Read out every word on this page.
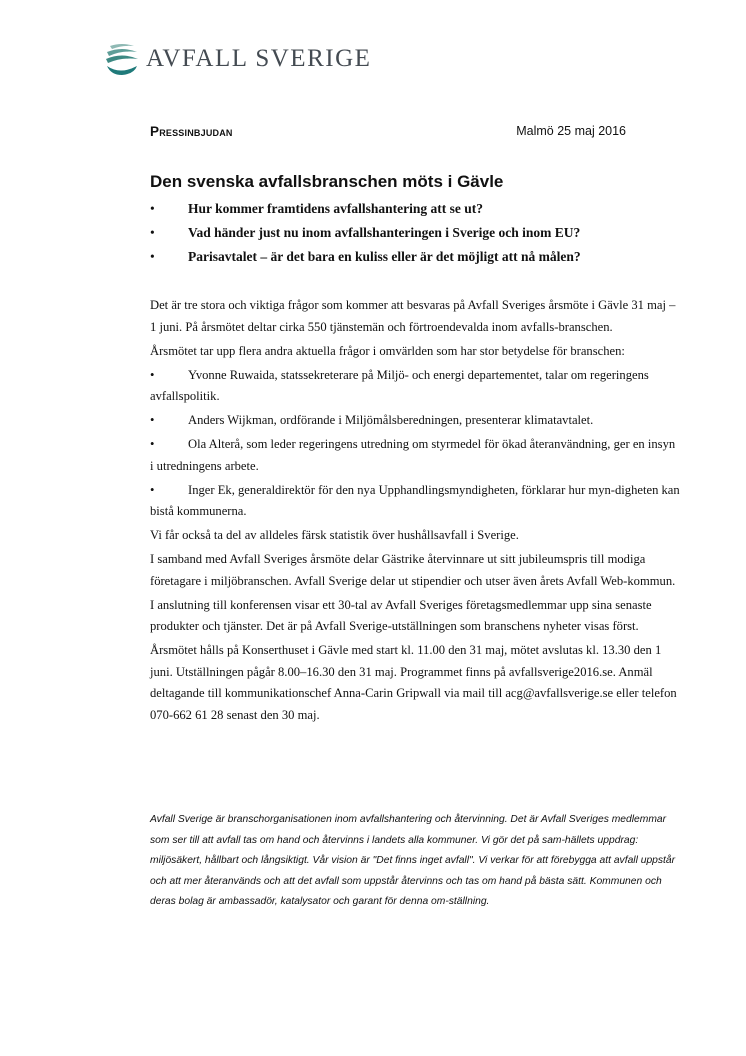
AVFALL SVERIGE
Pressinbjudan	Malmö 25 maj 2016
Den svenska avfallsbranschen möts i Gävle
• Hur kommer framtidens avfallshantering att se ut?
• Vad händer just nu inom avfallshanteringen i Sverige och inom EU?
• Parisavtalet – är det bara en kuliss eller är det möjligt att nå målen?

Det är tre stora och viktiga frågor som kommer att besvaras på Avfall Sveriges årsmöte i Gävle 31 maj – 1 juni. På årsmötet deltar cirka 550 tjänstemän och förtroendevalda inom avfalls-branschen.

Årsmötet tar upp flera andra aktuella frågor i omvärlden som har stor betydelse för branschen:

• Yvonne Ruwaida, statssekreterare på Miljö- och energi departementet, talar om regeringens avfallspolitik.

• Anders Wijkman, ordförande i Miljömålsberedningen, presenterar klimatavtalet.

• Ola Alterå, som leder regeringens utredning om styrmedel för ökad återanvändning, ger en insyn i utredningens arbete.

• Inger Ek, generaldirektör för den nya Upphandlingsmyndigheten, förklarar hur myn-digheten kan bistå kommunerna.

Vi får också ta del av alldeles färsk statistik över hushållsavfall i Sverige.

I samband med Avfall Sveriges årsmöte delar Gästrike återvinnare ut sitt jubileumspris till modiga företagare i miljöbranschen. Avfall Sverige delar ut stipendier och utser även årets Avfall Web-kommun.

I anslutning till konferensen visar ett 30-tal av Avfall Sveriges företagsmedlemmar upp sina senaste produkter och tjänster. Det är på Avfall Sverige-utställningen som branschens nyheter visas först.

Årsmötet hålls på Konserthuset i Gävle med start kl. 11.00 den 31 maj, mötet avslutas kl. 13.30 den 1 juni. Utställningen pågår 8.00–16.30 den 31 maj. Programmet finns på avfallsverige2016.se. Anmäl deltagande till kommunikationschef Anna-Carin Gripwall via mail till acg@avfallsverige.se eller telefon 070-662 61 28 senast den 30 maj.

Avfall Sverige är branschorganisationen inom avfallshantering och återvinning. Det är Avfall Sveriges medlemmar som ser till att avfall tas om hand och återvinns i landets alla kommuner. Vi gör det på sam-hällets uppdrag: miljösäkert, hållbart och långsiktigt. Vår vision är "Det finns inget avfall". Vi verkar för att förebygga att avfall uppstår och att mer återanvänds och att det avfall som uppstår återvinns och tas om hand på bästa sätt. Kommunen och deras bolag är ambassadör, katalysator och garant för denna om-ställning.
